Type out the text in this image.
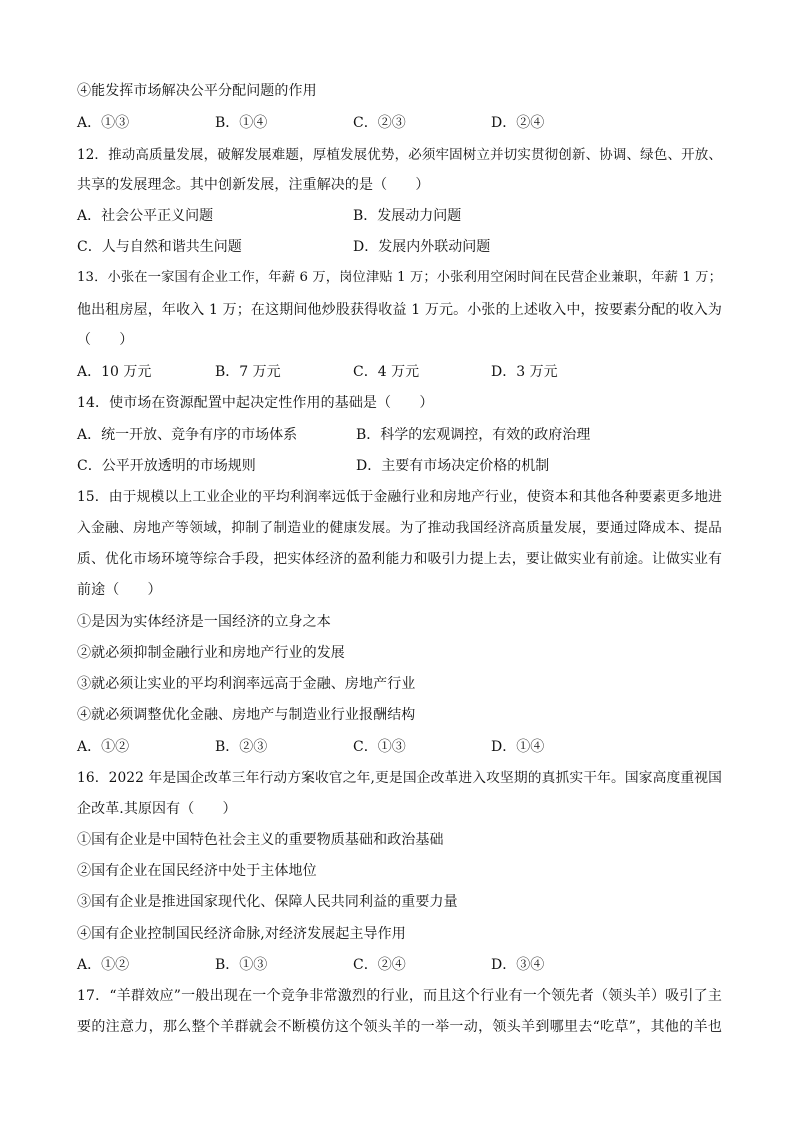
④能发挥市场解决公平分配问题的作用
A．①③	B．①④	C．②③	D．②④
12．推动高质量发展，破解发展难题，厚植发展优势，必须牢固树立并切实贯彻创新、协调、绿色、开放、
共享的发展理念。其中创新发展，注重解决的是（　　）
A．社会公平正义问题	B．发展动力问题
C．人与自然和谐共生问题	D．发展内外联动问题
13．小张在一家国有企业工作，年薪 6 万，岗位津贴 1 万；小张利用空闲时间在民营企业兼职，年薪 1 万；
他出租房屋，年收入 1 万；在这期间他炒股获得收益 1 万元。小张的上述收入中，按要素分配的收入为
（　　）
A．10 万元	B．7 万元	C．4 万元	D．3 万元
14．使市场在资源配置中起决定性作用的基础是（　　）
A．统一开放、竞争有序的市场体系	B．科学的宏观调控，有效的政府治理
C．公平开放透明的市场规则	D．主要有市场决定价格的机制
15．由于规模以上工业企业的平均利润率远低于金融行业和房地产行业，使资本和其他各种要素更多地进
入金融、房地产等领域，抑制了制造业的健康发展。为了推动我国经济高质量发展，要通过降成本、提品
质、优化市场环境等综合手段，把实体经济的盈利能力和吸引力提上去，要让做实业有前途。让做实业有
前途（　　）
①是因为实体经济是一国经济的立身之本
②就必须抑制金融行业和房地产行业的发展
③就必须让实业的平均利润率远高于金融、房地产行业
④就必须调整优化金融、房地产与制造业行业报酬结构
A．①②	B．②③	C．①③	D．①④
16．2022 年是国企改革三年行动方案收官之年,更是国企改革进入攻坚期的真抓实干年。国家高度重视国
企改革.其原因有（　　）
①国有企业是中国特色社会主义的重要物质基础和政治基础
②国有企业在国民经济中处于主体地位
③国有企业是推进国家现代化、保障人民共同利益的重要力量
④国有企业控制国民经济命脉,对经济发展起主导作用
A．①②	B．①③	C．②④	D．③④
17．“羊群效应”一般出现在一个竞争非常激烈的行业，而且这个行业有一个领先者（领头羊）吸引了主
要的注意力，那么整个羊群就会不断模仿这个领头羊的一举一动，领头羊到哪里去“吃草”，其他的羊也
